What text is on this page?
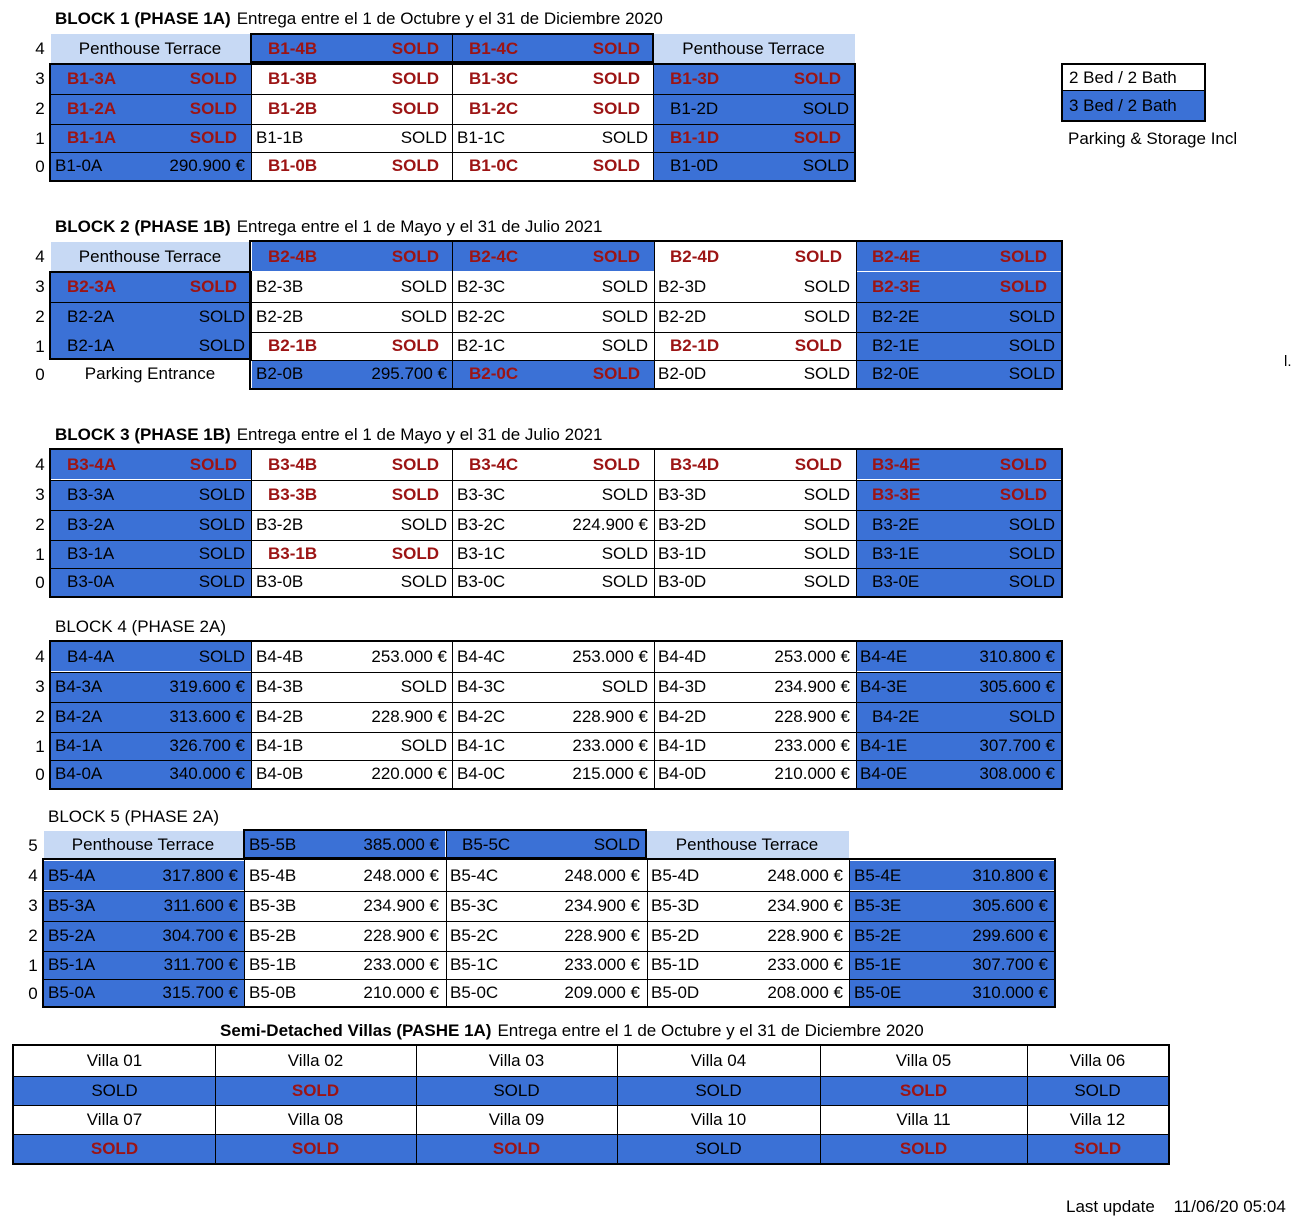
2 Bed / 2 Bath
3 Bed / 2 Bath
Parking & Storage Incl
l.
Last update 11/06/20 05:04
BLOCK 1 (PHASE 1A) Entrega entre el 1 de Octubre y el 31 de Diciembre 2020
4 Penthouse Terrace	B1-4B	SOLD	B1-4C	SOLD	Penthouse Terrace
3	B1-3A	SOLD	B1-3B	SOLD	B1-3C	SOLD	B1-3D	SOLD
2	B1-2A	SOLD	B1-2B	SOLD	B1-2C	SOLD	B1-2D	SOLD
1	B1-1A	SOLD	B1-1B	SOLD B1-1C	SOLD	B1-1D	SOLD
0 B1-0A	290.900 €	B1-0B	SOLD	B1-0C	SOLD	B1-0D	SOLD
BLOCK 2 (PHASE 1B) Entrega entre el 1 de Mayo y el 31 de Julio 2021
4 Penthouse Terrace	B2-4B	SOLD	B2-4C	SOLD	B2-4D	SOLD	B2-4E	SOLD
3	B2-3A	SOLD	B2-3B	SOLD B2-3C	SOLD B2-3D	SOLD	B2-3E	SOLD
2	B2-2A	SOLD B2-2B	SOLD B2-2C	SOLD B2-2D	SOLD	B2-2E	SOLD
1	B2-1A	SOLD	B2-1B	SOLD	B2-1C	SOLD	B2-1D	SOLD	B2-1E	SOLD
0 Parking Entrance B2-0B	295.700 €	B2-0C	SOLD	B2-0D	SOLD	B2-0E	SOLD
BLOCK 3 (PHASE 1B) Entrega entre el 1 de Mayo y el 31 de Julio 2021
4	B3-4A	SOLD	B3-4B	SOLD	B3-4C	SOLD	B3-4D	SOLD	B3-4E	SOLD
3	B3-3A	SOLD	B3-3B	SOLD	B3-3C	SOLD B3-3D	SOLD	B3-3E	SOLD
2	B3-2A	SOLD B3-2B	SOLD B3-2C	224.900 € B3-2D	SOLD	B3-2E	SOLD
1	B3-1A	SOLD	B3-1B	SOLD	B3-1C	SOLD B3-1D	SOLD	B3-1E	SOLD
0	B3-0A	SOLD B3-0B	SOLD B3-0C	SOLD B3-0D	SOLD	B3-0E	SOLD
BLOCK 4 (PHASE 2A)
4	B4-4A	SOLD B4-4B	253.000 € B4-4C	253.000 € B4-4D	253.000 € B4-4E	310.800 €
3 B4-3A	319.600 € B4-3B	SOLD B4-3C	SOLD B4-3D	234.900 € B4-3E	305.600 €
2 B4-2A	313.600 € B4-2B	228.900 € B4-2C	228.900 € B4-2D	228.900 €	B4-2E	SOLD
1 B4-1A	326.700 € B4-1B	SOLD B4-1C	233.000 € B4-1D	233.000 € B4-1E	307.700 €
0 B4-0A	340.000 € B4-0B	220.000 € B4-0C	215.000 € B4-0D	210.000 € B4-0E	308.000 €
BLOCK 5 (PHASE 2A)
5 Penthouse Terrace B5-5B	385.000 €	B5-5C	SOLD Penthouse Terrace
4 B5-4A	317.800 € B5-4B	248.000 € B5-4C	248.000 € B5-4D	248.000 € B5-4E	310.800 €
3 B5-3A	311.600 € B5-3B	234.900 € B5-3C	234.900 € B5-3D	234.900 € B5-3E	305.600 €
2 B5-2A	304.700 € B5-2B	228.900 € B5-2C	228.900 € B5-2D	228.900 € B5-2E	299.600 €
1 B5-1A	311.700 € B5-1B	233.000 € B5-1C	233.000 € B5-1D	233.000 € B5-1E	307.700 €
0 B5-0A	315.700 € B5-0B	210.000 € B5-0C	209.000 € B5-0D	208.000 € B5-0E	310.000 €
Semi-Detached Villas (PASHE 1A) Entrega entre el 1 de Octubre y el 31 de Diciembre 2020
Villa 01	Villa 02	Villa 03	Villa 04	Villa 05	Villa 06
SOLD	SOLD	SOLD	SOLD	SOLD	SOLD
Villa 07	Villa 08	Villa 09	Villa 10	Villa 11	Villa 12
SOLD	SOLD	SOLD	SOLD	SOLD	SOLD
